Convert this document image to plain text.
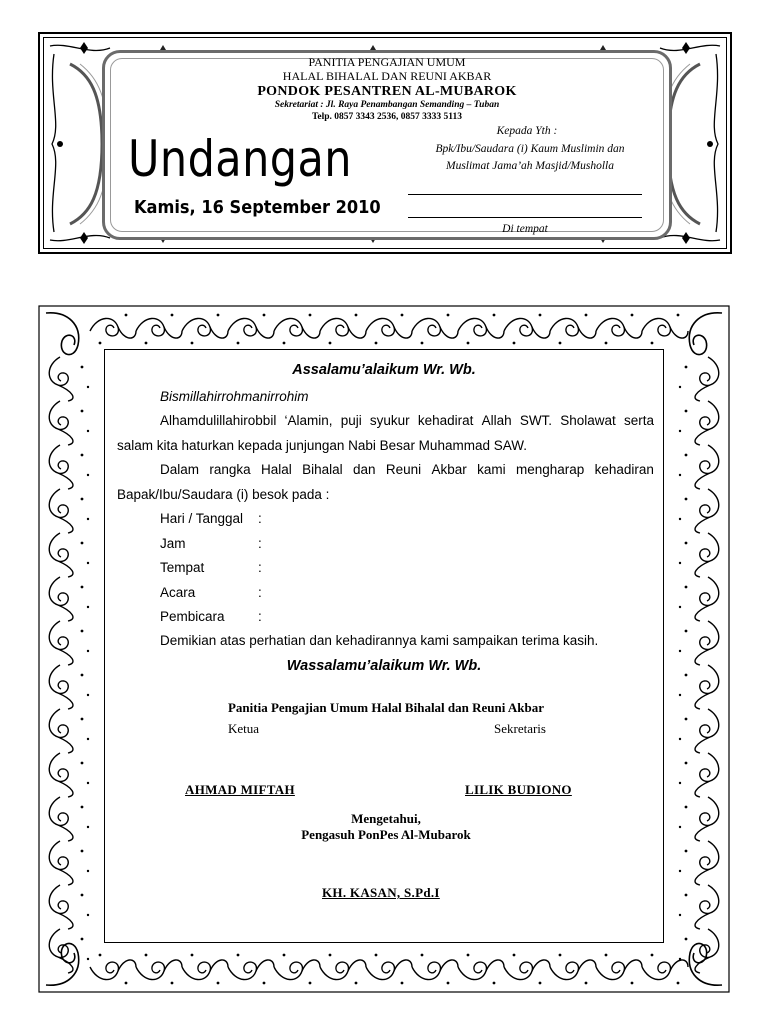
PANITIA PENGAJIAN UMUM
HALAL BIHALAL DAN REUNI AKBAR
PONDOK PESANTREN AL-MUBAROK
Sekretariat : Jl. Raya Penambangan Semanding – Tuban
Telp. 0857 3343 2536, 0857 3333 5113
Undangan
Kamis, 16 September 2010
Kepada Yth :
Bpk/Ibu/Saudara (i) Kaum Muslimin dan
Muslimat Jama’ah Masjid/Musholla
Di tempat
Assalamu’alaikum Wr. Wb.
Bismillahirrohmanirrohim
Alhamdulillahirobbil ‘Alamin, puji syukur kehadirat Allah SWT. Sholawat serta
salam kita haturkan kepada junjungan Nabi Besar Muhammad SAW.
Dalam rangka Halal Bihalal dan Reuni Akbar kami mengharap kehadiran
Bapak/Ibu/Saudara (i) besok pada :
Hari / Tanggal :
Jam	:
Tempat	:
Acara	:
Pembicara :
Demikian atas perhatian dan kehadirannya kami sampaikan terima kasih.
Wassalamu’alaikum Wr. Wb.
Panitia Pengajian Umum Halal Bihalal dan Reuni Akbar
Ketua	Sekretaris
AHMAD MIFTAH	LILIK BUDIONO
Mengetahui,
Pengasuh PonPes Al-Mubarok
KH. KASAN, S.Pd.I
